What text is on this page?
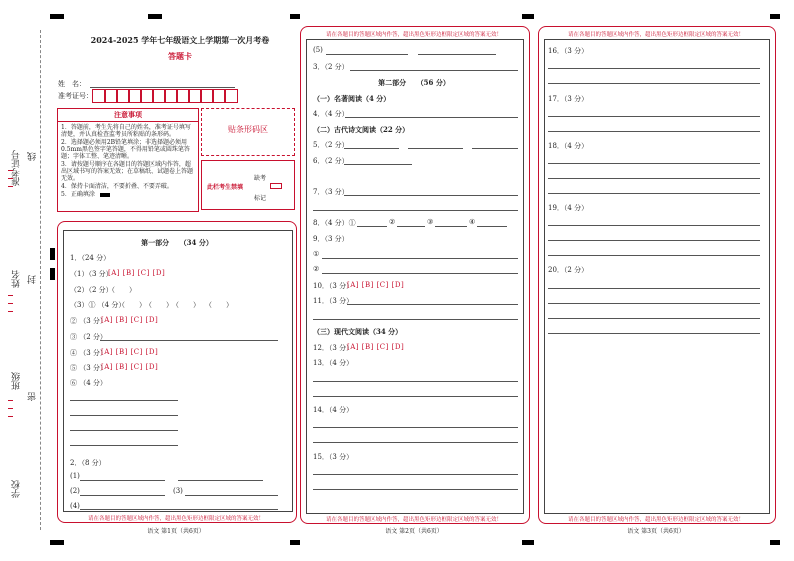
准考证号 线
姓名 封
班级
密
学校
2024-2025 学年七年级语文上学期第一次月考卷
答题卡
姓　名：
准考证号：
注意事项
1．答题前，考生先将自己的姓名，准考证号填写清楚，并认真检查监考员所粘贴的条形码。
2．选择题必须用2B铅笔填涂；非选择题必须用0.5mm黑色签字笔答题，不得用铅笔或圆珠笔答题；字体工整、笔迹清晰。
3．请按题号顺序在各题目的答题区域内作答，超出区域书写的答案无效；在草稿纸、试题卷上答题无效。
4．保持卡面清洁，不要折叠、不要弄破。
5．正确填涂
贴条形码区
此栏考生禁填
缺考
标记
请在各题目的答题区域内作答，超出黑色矩形边框限定区域的答案无效！
语文 第1页（共6页）
第一部分　　（34 分）
1．（24 分）
（1）（3 分）
[A] [B] [C] [D]
（2）（2 分）
（　　）
（3）① （4 分）
（　　） （　　） （　　） （　　）
② （3 分）
[A] [B] [C] [D]
③ （2 分）
④ （3 分）
[A] [B] [C] [D]
⑤ （3 分）
[A] [B] [C] [D]
⑥ （4 分）
2．（8 分）
(1)
(2)	(3)
(4)
请在各题目的答题区域内作答，超出黑色矩形边框限定区域的答案无效！
请在各题目的答题区域内作答，超出黑色矩形边框限定区域的答案无效！
语文 第2页（共6页）
(5)
3．（2 分）
第二部分　　（56 分）
（一）名著阅读（4 分）
4．（4 分）
（二）古代诗文阅读（22 分）
5．（2 分）
6．（2 分）
7．（3 分）
8．（4 分）①	②	③	④
9．（3 分）
①
②
10．（3 分）
[A] [B] [C] [D]
11．（3 分）
（三）现代文阅读（34 分）
12．（3 分）
[A] [B] [C] [D]
13．（4 分）
14．（4 分）
15．（3 分）
请在各题目的答题区域内作答，超出黑色矩形边框限定区域的答案无效！
请在各题目的答题区域内作答，超出黑色矩形边框限定区域的答案无效！
语文 第3页（共6页）
16．（3 分）
17．（3 分）
18．（4 分）
19．（4 分）
20．（2 分）
